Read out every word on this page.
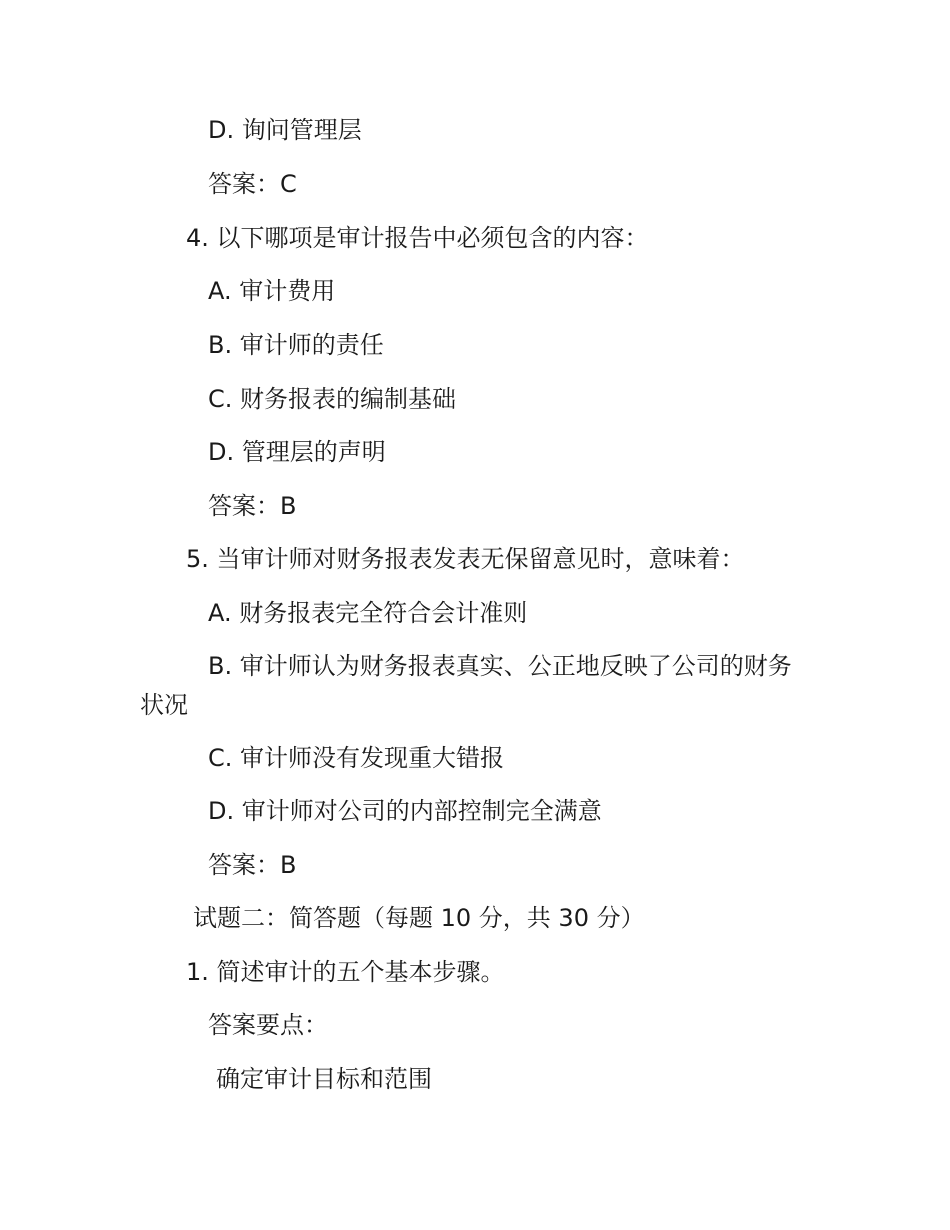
D. 询问管理层
答案：C
4. 以下哪项是审计报告中必须包含的内容：
A. 审计费用
B. 审计师的责任
C. 财务报表的编制基础
D. 管理层的声明
答案：B
5. 当审计师对财务报表发表无保留意见时，意味着：
A. 财务报表完全符合会计准则
B. 审计师认为财务报表真实、公正地反映了公司的财务
状况
C. 审计师没有发现重大错报
D. 审计师对公司的内部控制完全满意
答案：B
试题二：简答题（每题 10 分，共 30 分）
1. 简述审计的五个基本步骤。
答案要点：
确定审计目标和范围
